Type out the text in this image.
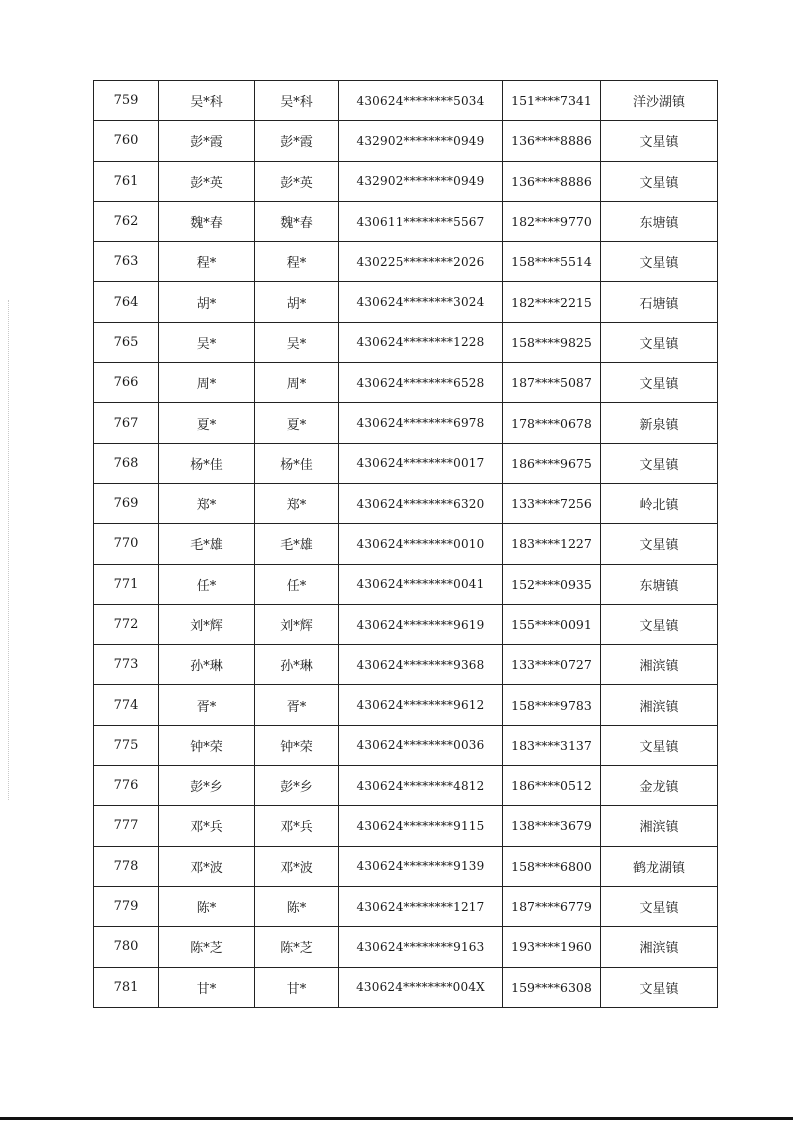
759	吴*科	吴*科	430624********5034	151****7341	洋沙湖镇
760	彭*霞	彭*霞	432902********0949	136****8886	文星镇
761	彭*英	彭*英	432902********0949	136****8886	文星镇
762	魏*春	魏*春	430611********5567	182****9770	东塘镇
763	程*	程*	430225********2026	158****5514	文星镇
764	胡*	胡*	430624********3024	182****2215	石塘镇
765	吴*	吴*	430624********1228	158****9825	文星镇
766	周*	周*	430624********6528	187****5087	文星镇
767	夏*	夏*	430624********6978	178****0678	新泉镇
768	杨*佳	杨*佳	430624********0017	186****9675	文星镇
769	郑*	郑*	430624********6320	133****7256	岭北镇
770	毛*雄	毛*雄	430624********0010	183****1227	文星镇
771	任*	任*	430624********0041	152****0935	东塘镇
772	刘*辉	刘*辉	430624********9619	155****0091	文星镇
773	孙*琳	孙*琳	430624********9368	133****0727	湘滨镇
774	胥*	胥*	430624********9612	158****9783	湘滨镇
775	钟*荣	钟*荣	430624********0036	183****3137	文星镇
776	彭*乡	彭*乡	430624********4812	186****0512	金龙镇
777	邓*兵	邓*兵	430624********9115	138****3679	湘滨镇
778	邓*波	邓*波	430624********9139	158****6800	鹤龙湖镇
779	陈*	陈*	430624********1217	187****6779	文星镇
780	陈*芝	陈*芝	430624********9163	193****1960	湘滨镇
781	甘*	甘*	430624********004X	159****6308	文星镇
